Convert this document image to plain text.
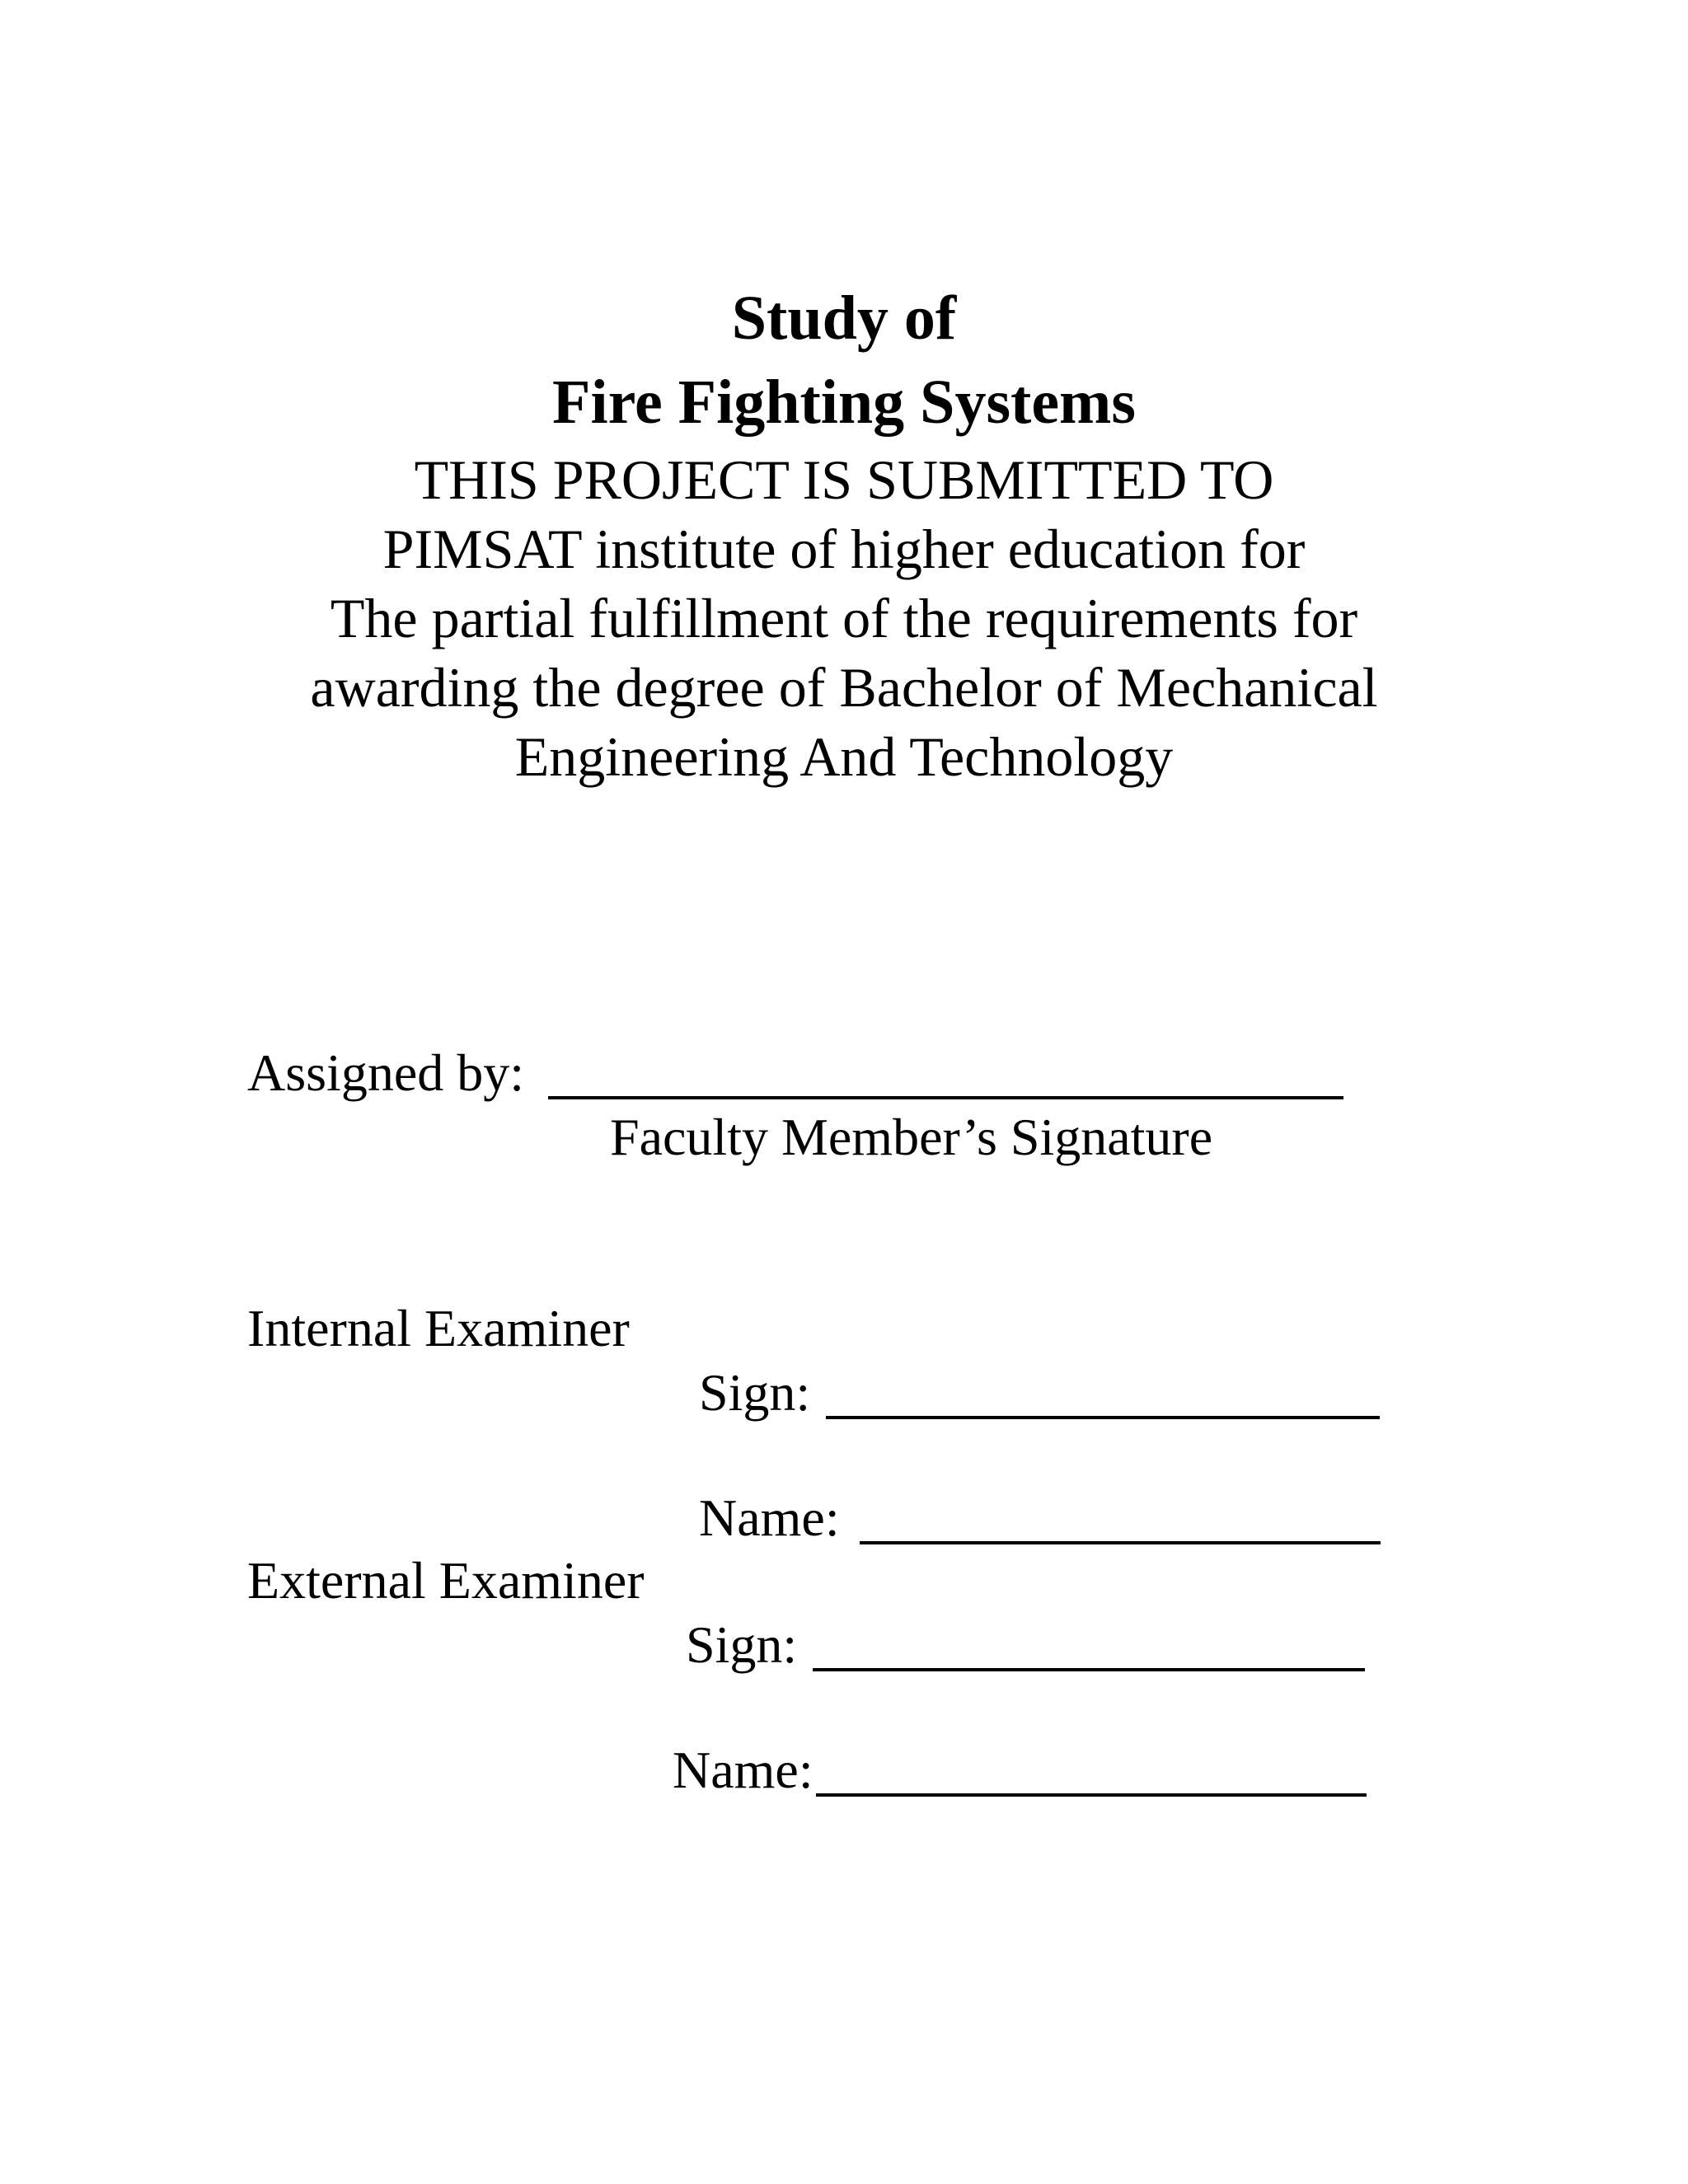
Study of
Fire Fighting Systems
THIS PROJECT IS SUBMITTED TO
PIMSAT institute of higher education for
The partial fulfillment of the requirements for
awarding the degree of Bachelor of Mechanical
Engineering And Technology
Assigned by:
Faculty Member’s Signature
Internal Examiner
Sign:
Name:
External Examiner
Sign:
Name:
